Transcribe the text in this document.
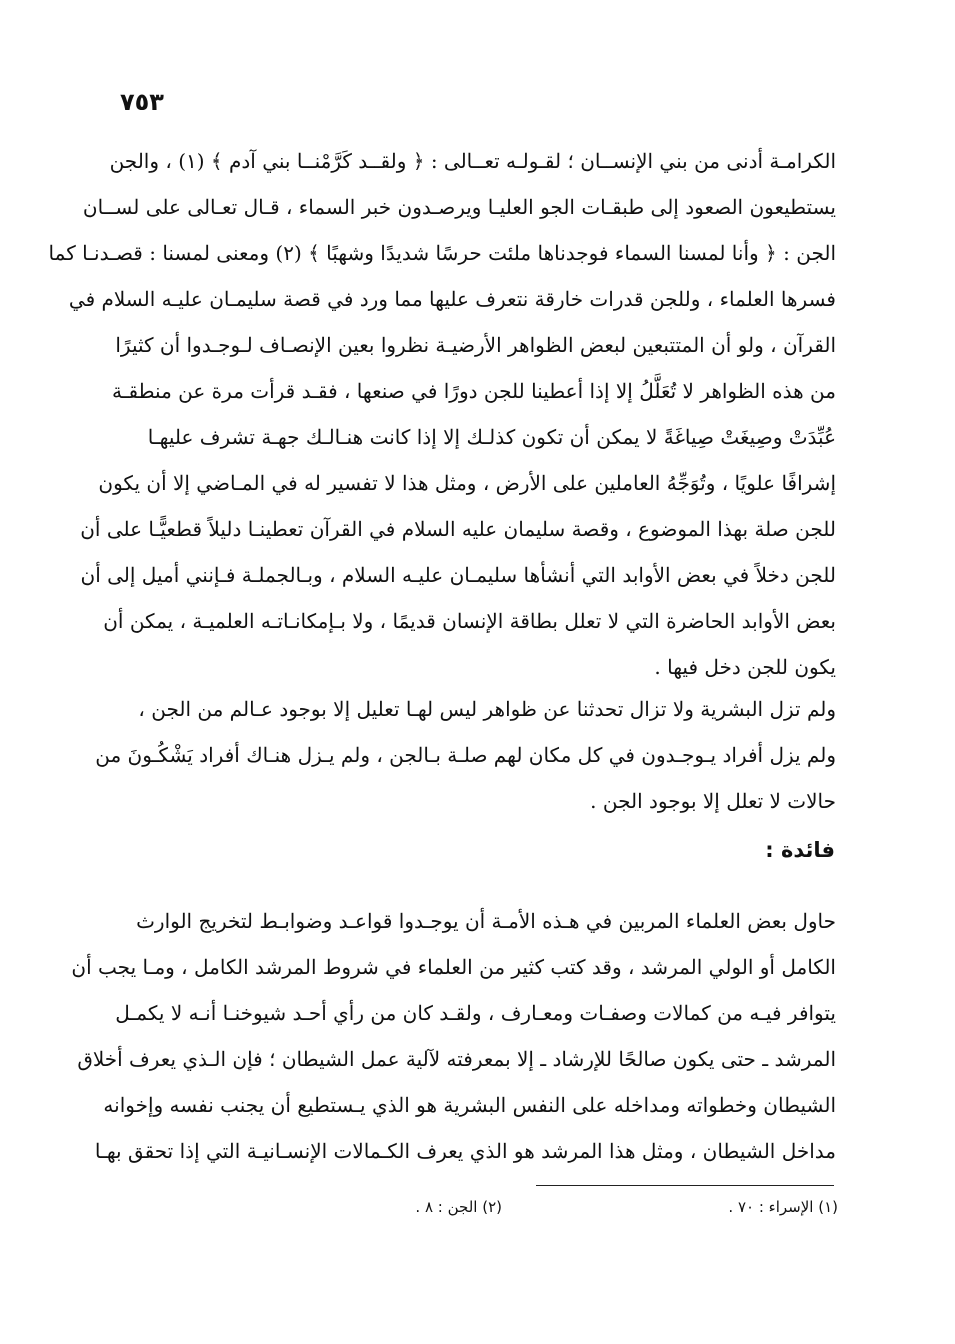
٧٥٣
الكرامـة أدنى من بني الإنســان ؛ لقـولـه تعــالى : ﴿ ولقــد كَرَّمْنــا بني آدم ﴾ (١) ، والجن
يستطيعون الصعود إلى طبقـات الجو العليـا ويرصـدون خبر السماء ، قـال تعـالى على لســان
الجن : ﴿ وأنا لمسنا السماء فوجدناها ملئت حرسًا شديدًا وشهبًا ﴾ (٢) ومعنى لمسنا : قصـدنـا كما
فسرها العلماء ، وللجن قدرات خارقة نتعرف عليها مما ورد في قصة سليمـان عليـه السلام في
القرآن ، ولو أن المتتبعين لبعض الظواهر الأرضيـة نظروا بعين الإنصـاف لـوجـدوا أن كثيرًا
من هذه الظواهر لا تُعَلَّلُ إلا إذا أعطينا للجن دورًا في صنعها ، فقـد قرأت مرة عن منطقـة
عُبِّدَتْ وصِيغَتْ صِياغَةً لا يمكن أن تكون كذلـك إلا إذا كانت هنـالـك جهـة تشرف عليهـا
إشرافًا علويًا ، وتُوَجِّهُ العاملين على الأرض ، ومثل هذا لا تفسير له في المـاضي إلا أن يكون
للجن صلة بهذا الموضوع ، وقصة سليمان عليه السلام في القرآن تعطينـا دليلاً قطعيًّـا على أن
للجن دخلاً في بعض الأوابد التي أنشأها سليمـان عليـه السلام ، وبـالجملـة فـإنني أميل إلى أن
بعض الأوابد الحاضرة التي لا تعلل بطاقة الإنسان قديمًا ، ولا بـإمكانـاتـه العلميـة ، يمكن أن
يكون للجن دخل فيها .
ولم تزل البشرية ولا تزال تحدثنا عن ظواهر ليس لهـا تعليل إلا بوجود عـالم من الجن ،
ولم يزل أفراد يـوجـدون في كل مكان لهم صلـة بـالجن ، ولم يـزل هنـاك أفراد يَشْكُـونَ من
حالات لا تعلل إلا بوجود الجن .
فائدة :
حاول بعض العلماء المربين في هـذه الأمـة أن يوجـدوا قواعـد وضوابـط لتخريج الوارث
الكامل أو الولي المرشد ، وقد كتب كثير من العلماء في شروط المرشد الكامل ، ومـا يجب أن
يتوافر فيـه من كمالات وصفـات ومعـارف ، ولقـد كان من رأي أحـد شيوخنـا أنـه لا يكمـل
المرشد ـ حتى يكون صالحًا للإرشاد ـ إلا بمعرفته لآلية عمل الشيطان ؛ فإن الـذي يعرف أخلاق
الشيطان وخطواته ومداخله على النفس البشرية هو الذي يـستطيع أن يجنب نفسه وإخوانه
مداخل الشيطان ، ومثل هذا المرشد هو الذي يعرف الكـمالات الإنسـانيـة التي إذا تحقق بهـا
(١) الإسراء : ٧٠ .
(٢) الجن : ٨ .
